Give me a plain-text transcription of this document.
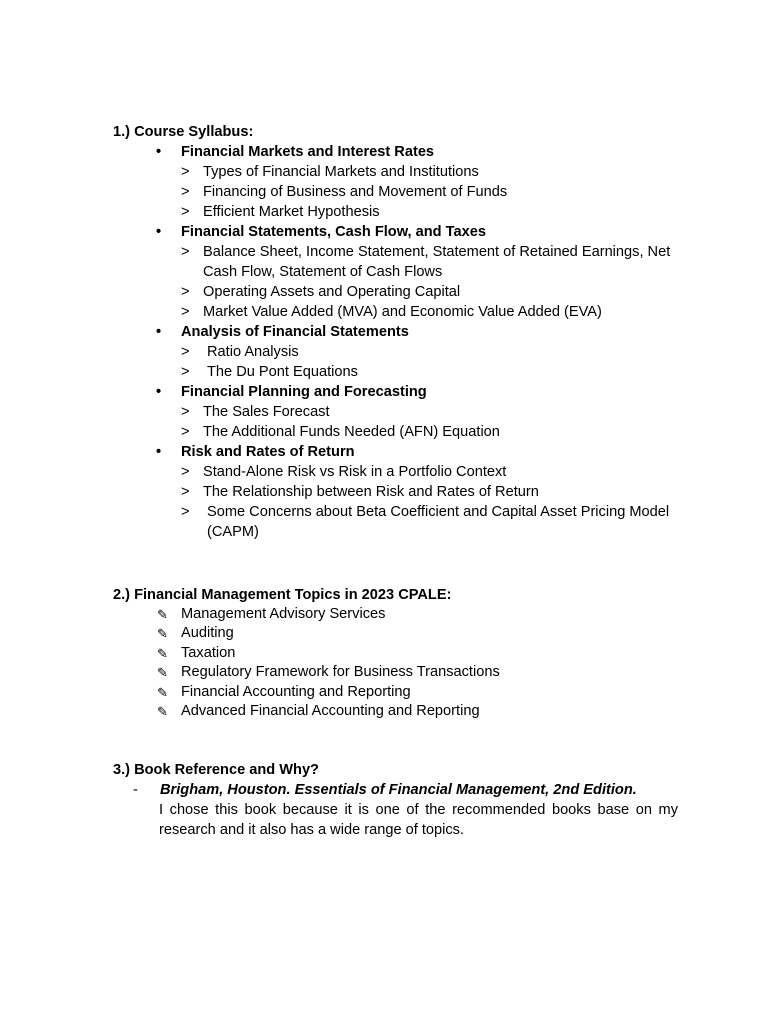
1.) Course Syllabus:

• Financial Markets and Interest Rates
> Types of Financial Markets and Institutions
> Financing of Business and Movement of Funds
> Efficient Market Hypothesis
• Financial Statements, Cash Flow, and Taxes
> Balance Sheet, Income Statement, Statement of Retained Earnings, Net Cash Flow, Statement of Cash Flows
> Operating Assets and Operating Capital
> Market Value Added (MVA) and Economic Value Added (EVA)
• Analysis of Financial Statements
> Ratio Analysis
> The Du Pont Equations
• Financial Planning and Forecasting
> The Sales Forecast
> The Additional Funds Needed (AFN) Equation
• Risk and Rates of Return
> Stand-Alone Risk vs Risk in a Portfolio Context
> The Relationship between Risk and Rates of Return
> Some Concerns about Beta Coefficient and Capital Asset Pricing Model (CAPM)

2.) Financial Management Topics in 2023 CPALE:

✎ Management Advisory Services
✎ Auditing
✎ Taxation
✎ Regulatory Framework for Business Transactions
✎ Financial Accounting and Reporting
✎ Advanced Financial Accounting and Reporting

3.) Book Reference and Why?

- Brigham, Houston. Essentials of Financial Management, 2nd Edition.

I chose this book because it is one of the recommended books base on my research and it also has a wide range of topics.
